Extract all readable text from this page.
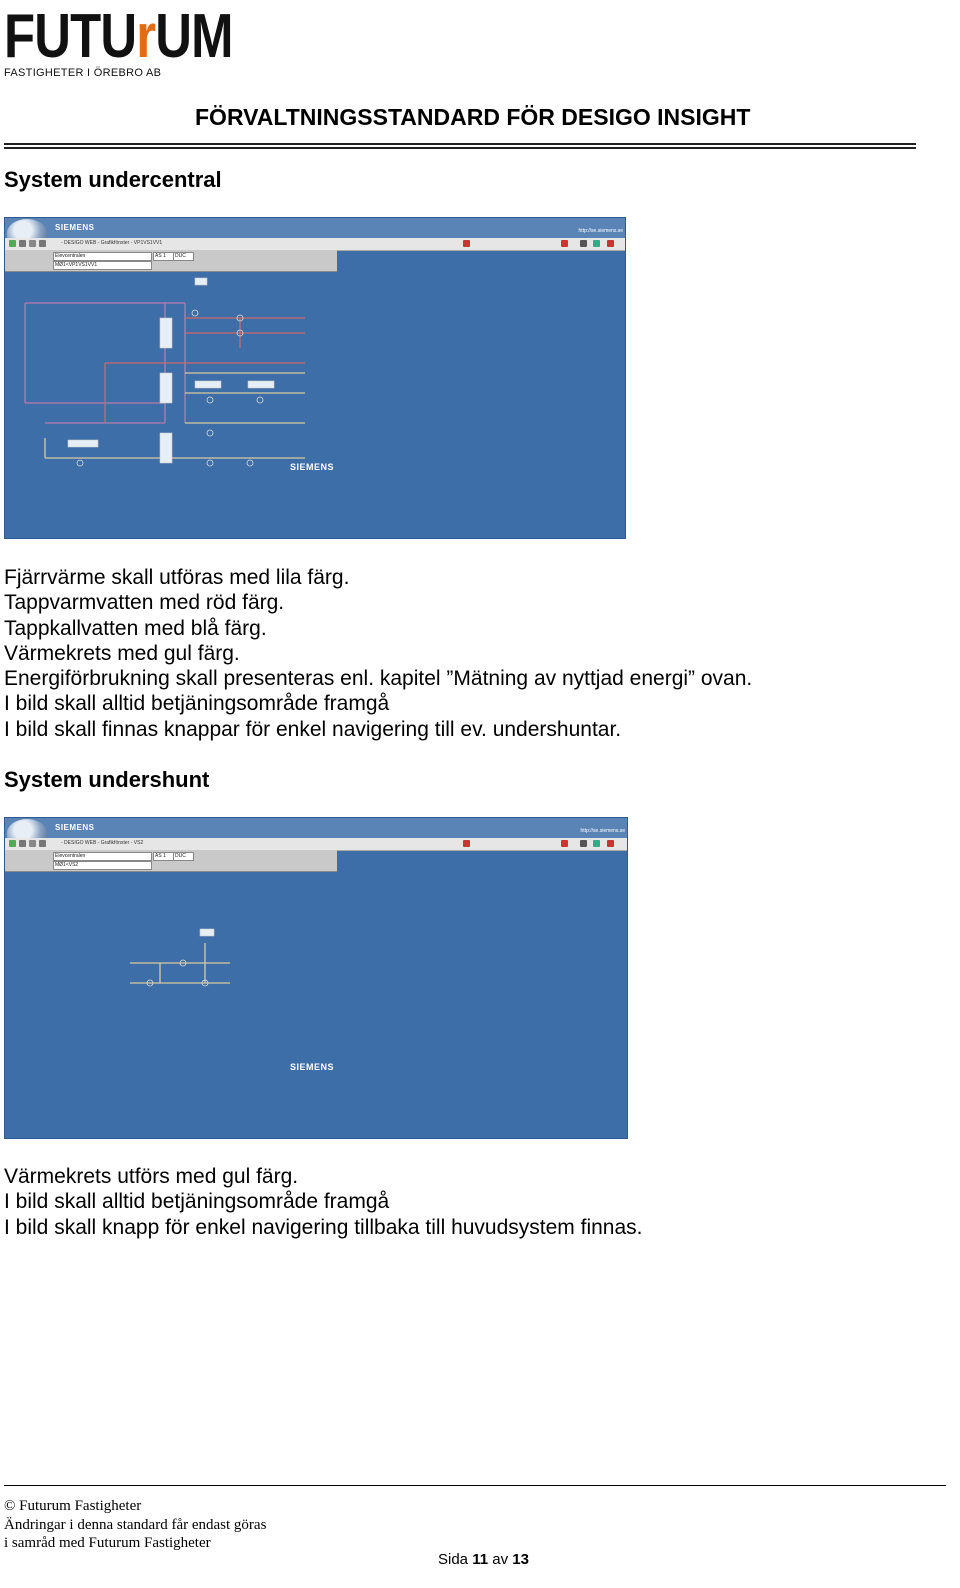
FUTUrUM
FASTIGHETER I ÖREBRO AB
FÖRVALTNINGSSTANDARD FÖR DESIGO INSIGHT
System undercentral
SIEMENS	http://se.siemens.se
- DESIGO WEB - Grafikfönster - VP1VS1VV1
Elevcentralen
MØ1<VP1VS1VV1
AS 1	DUC
SIEMENS
Fjärrvärme skall utföras med lila färg.
Tappvarmvatten med röd färg.
Tappkallvatten med blå färg.
Värmekrets med gul färg.
Energiförbrukning skall presenteras enl. kapitel ”Mätning av nyttjad energi” ovan.
I bild skall alltid betjäningsområde framgå
I bild skall finnas knappar för enkel navigering till ev. undershuntar.
System undershunt
SIEMENS	http://se.siemens.se
- DESIGO WEB - Grafikfönster - VS2
Elevcentralen
MØ1<VS2
AS 1	DUC
SIEMENS
Värmekrets utförs med gul färg.
I bild skall alltid betjäningsområde framgå
I bild skall knapp för enkel navigering tillbaka till huvudsystem finnas.
© Futurum Fastigheter
Ändringar i denna standard får endast göras
i samråd med Futurum Fastigheter
Sida 11 av 13
